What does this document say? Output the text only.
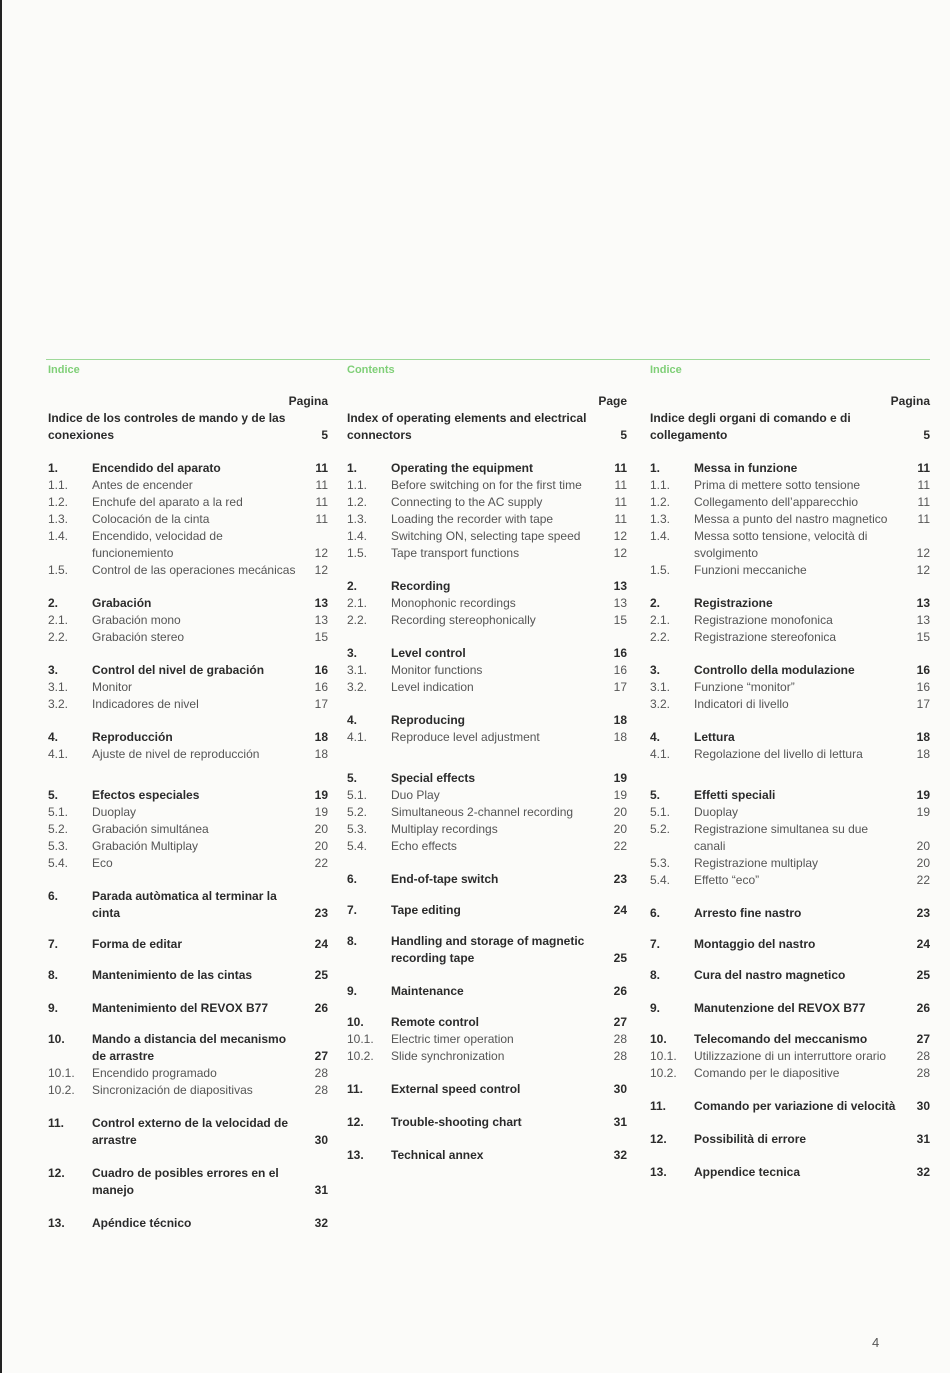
Indice
Pagina
Indice de los controles de mando y de las conexiones	5
1.	Encendido del aparato	11
1.1.	Antes de encender	11
1.2.	Enchufe del aparato a la red	11
1.3.	Colocación de la cinta	11
1.4.	Encendido, velocidad de funcionemiento	12
1.5.	Control de las operaciones mecánicas	12
2.	Grabación	13
2.1.	Grabación mono	13
2.2.	Grabación stereo	15
3.	Control del nivel de grabación	16
3.1.	Monitor	16
3.2.	Indicadores de nivel	17
4.	Reproducción	18
4.1.	Ajuste de nivel de reproducción	18
5.	Efectos especiales	19
5.1.	Duoplay	19
5.2.	Grabación simultánea	20
5.3.	Grabación Multiplay	20
5.4.	Eco	22
6.	Parada autòmatica al terminar la cinta	23
7.	Forma de editar	24
8.	Mantenimiento de las cintas	25
9.	Mantenimiento del REVOX B77	26
10.	Mando a distancia del mecanismo de arrastre	27
10.1.	Encendido programado	28
10.2.	Sincronización de diapositivas	28
11.	Control externo de la velocidad de arrastre	30
12.	Cuadro de posibles errores en el manejo	31
13.	Apéndice técnico	32
Contents
Page
Index of operating elements and electrical connectors	5
1.	Operating the equipment	11
1.1.	Before switching on for the first time	11
1.2.	Connecting to the AC supply	11
1.3.	Loading the recorder with tape	11
1.4.	Switching ON, selecting tape speed	12
1.5.	Tape transport functions	12
2.	Recording	13
2.1.	Monophonic recordings	13
2.2.	Recording stereophonically	15
3.	Level control	16
3.1.	Monitor functions	16
3.2.	Level indication	17
4.	Reproducing	18
4.1.	Reproduce level adjustment	18
5.	Special effects	19
5.1.	Duo Play	19
5.2.	Simultaneous 2-channel recording	20
5.3.	Multiplay recordings	20
5.4.	Echo effects	22
6.	End-of-tape switch	23
7.	Tape editing	24
8.	Handling and storage of magnetic recording tape	25
9.	Maintenance	26
10.	Remote control	27
10.1.	Electric timer operation	28
10.2.	Slide synchronization	28
11.	External speed control	30
12.	Trouble-shooting chart	31
13.	Technical annex	32
Indice
Pagina
Indice degli organi di comando e di collegamento	5
1.	Messa in funzione	11
1.1.	Prima di mettere sotto tensione	11
1.2.	Collegamento dell’apparecchio	11
1.3.	Messa a punto del nastro magnetico	11
1.4.	Messa sotto tensione, velocità di svolgimento	12
1.5.	Funzioni meccaniche	12
2.	Registrazione	13
2.1.	Registrazione monofonica	13
2.2.	Registrazione stereofonica	15
3.	Controllo della modulazione	16
3.1.	Funzione “monitor”	16
3.2.	Indicatori di livello	17
4.	Lettura	18
4.1.	Regolazione del livello di lettura	18
5.	Effetti speciali	19
5.1.	Duoplay	19
5.2.	Registrazione simultanea su due canali	20
5.3.	Registrazione multiplay	20
5.4.	Effetto “eco”	22
6.	Arresto fine nastro	23
7.	Montaggio del nastro	24
8.	Cura del nastro magnetico	25
9.	Manutenzione del REVOX B77	26
10.	Telecomando del meccanismo	27
10.1.	Utilizzazione di un interruttore orario	28
10.2.	Comando per le diapositive	28
11.	Comando per variazione di velocità	30
12.	Possibilità di errore	31
13.	Appendice tecnica	32
4
